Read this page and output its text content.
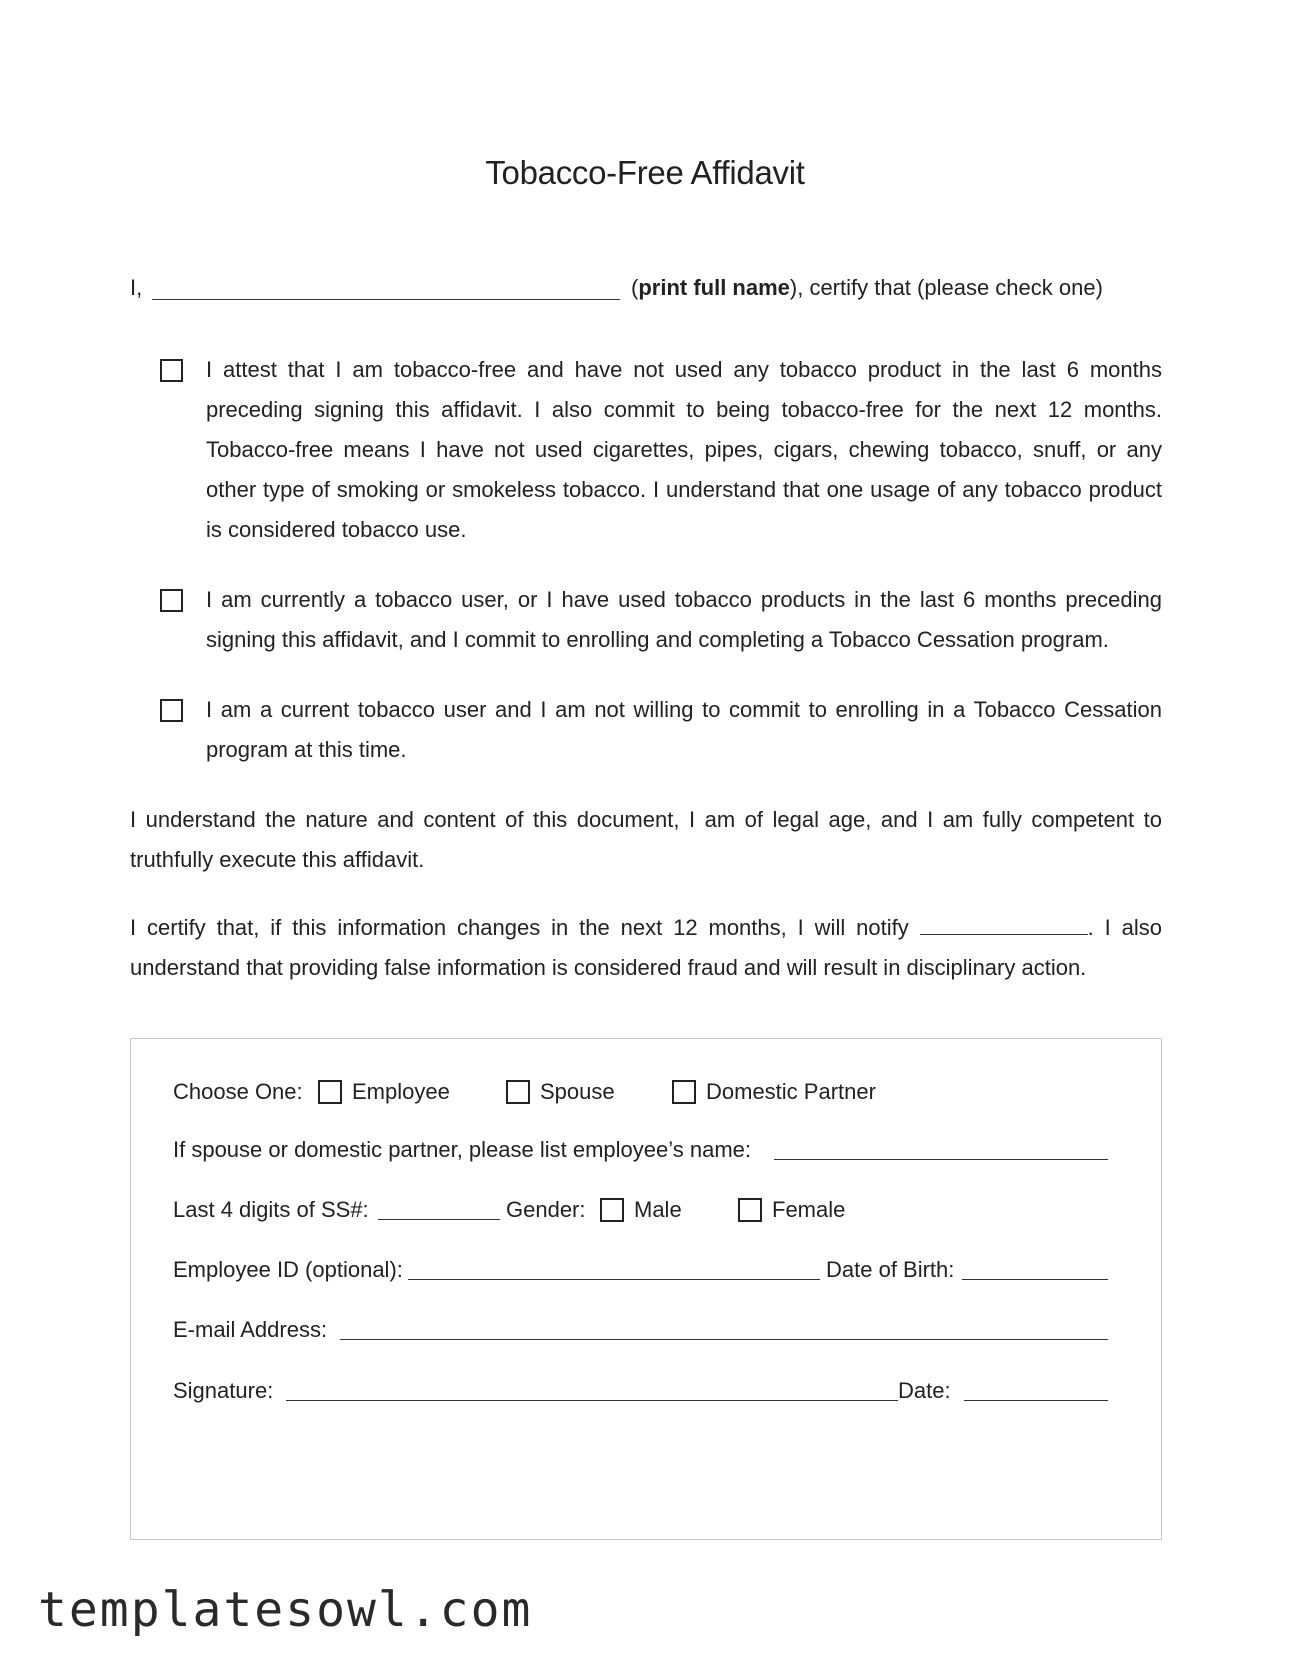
Tobacco-Free Affidavit
I,	(print full name), certify that (please check one)
I attest that I am tobacco-free and have not used any tobacco product in the last 6 months preceding signing this affidavit. I also commit to being tobacco-free for the next 12 months. Tobacco-free means I have not used cigarettes, pipes, cigars, chewing tobacco, snuff, or any other type of smoking or smokeless tobacco. I understand that one usage of any tobacco product is considered tobacco use.
I am currently a tobacco user, or I have used tobacco products in the last 6 months preceding signing this affidavit, and I commit to enrolling and completing a Tobacco Cessation program.
I am a current tobacco user and I am not willing to commit to enrolling in a Tobacco Cessation program at this time.
I understand the nature and content of this document, I am of legal age, and I am fully competent to truthfully execute this affidavit.
I certify that, if this information changes in the next 12 months, I will notify	. I also understand that providing false information is considered fraud and will result in disciplinary action.
Choose One: Employee	Spouse	Domestic Partner
If spouse or domestic partner, please list employee’s name:
Last 4 digits of SS#:	Gender: Male	Female
Employee ID (optional):	Date of Birth:
E-mail Address:
Signature:	Date:
templatesowl.com
